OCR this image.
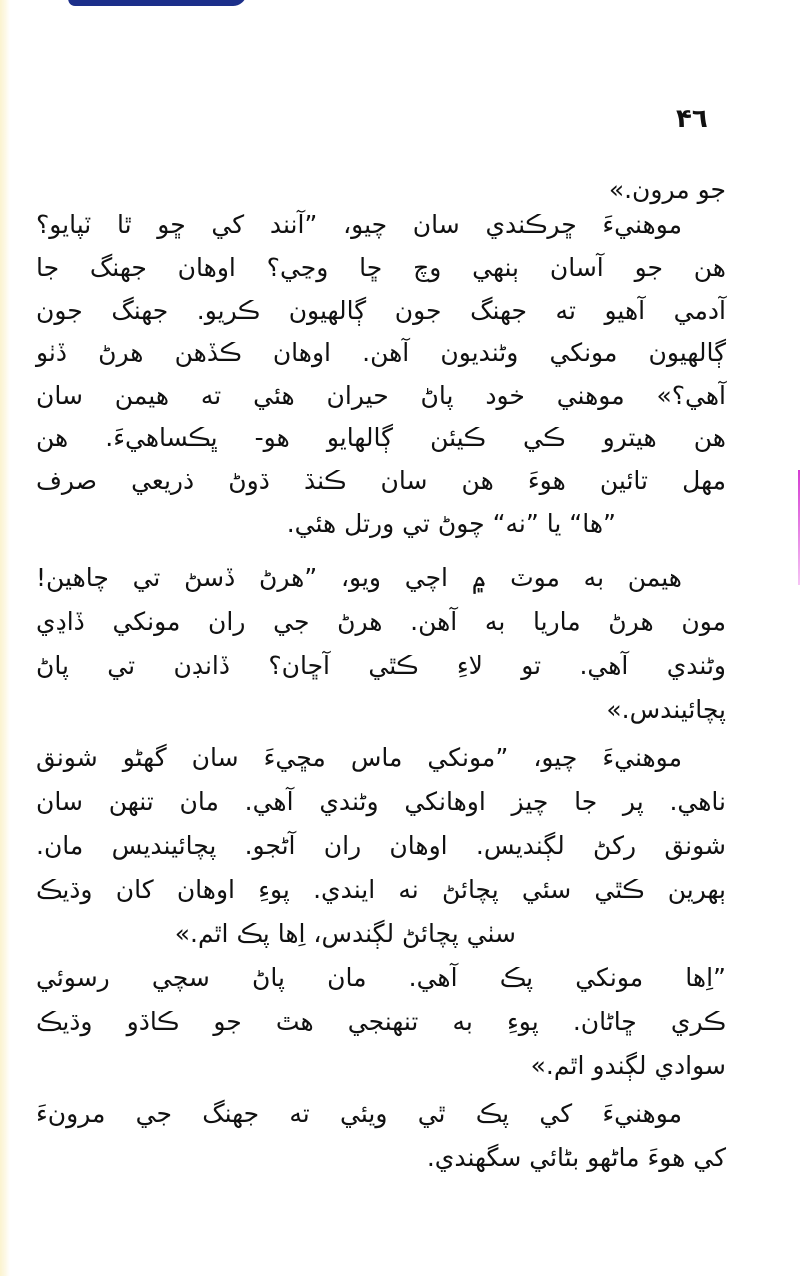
۴٦
جو مرون.»
موهنيءَ ڇرڪندي سان چيو، ”آنند کي ڇو ٿا ٽپايو؟
هن جو آسان ٻنهي وچ ڇا وڃي؟ اوهان جهنگ جا
آدمي آهيو ته جهنگ جون ڳالهيون ڪريو. جهنگ جون
ڳالهيون مونکي وڻنديون آهن. اوهان ڪڏهن هرڻ ڏٺو
آهي؟» موهني خود پاڻ حيران هئي ته هيمن سان
هن هيترو ڪي ڪيئن ڳالهايو هو- ڀڪساهيءَ. هن
مهل تائين هوءَ هن سان ڪنڌ ڌوڻ ذريعي صرف
”ها“ يا ”نه“ چوڻ تي ورتل هئي.
هيمن به موٽ ۾ اچي ويو، ”هرڻ ڏسڻ تي چاهين!
مون هرڻ ماريا به آهن. هرڻ جي ران مونکي ڏاڍي
وڻندي آهي. تو لاءِ ڪٿي آڇان؟ ڏانڊن تي پاڻ
پچائيندس.»
موهنيءَ چيو، ”مونکي ماس مڇيءَ سان گهڻو شونق
ناهي. پر جا چيز اوهانکي وڻندي آهي. مان تنهن سان
شونق رکڻ لڳنديس. اوهان ران آڻجو. پچائينديس مان.
ٻهرين ڪٿي سئي پچائڻ نه ايندي. پوءِ اوهان کان وڌيڪ
سٺي پچائڻ لڳندس، اِها پڪ اٿم.»
”اِها مونکي پڪ آهي. مان پاڻ سچي رسوئي
ڪري ڇاڻان. پوءِ به تنهنجي هٿ جو ڪاڌو وڌيڪ
سوادي لڳندو اٿم.»
موهنيءَ کي پڪ ٿي ويئي ته جهنگ جي مرونءَ
کي هوءَ ماڻهو بڻائي سگهندي.
